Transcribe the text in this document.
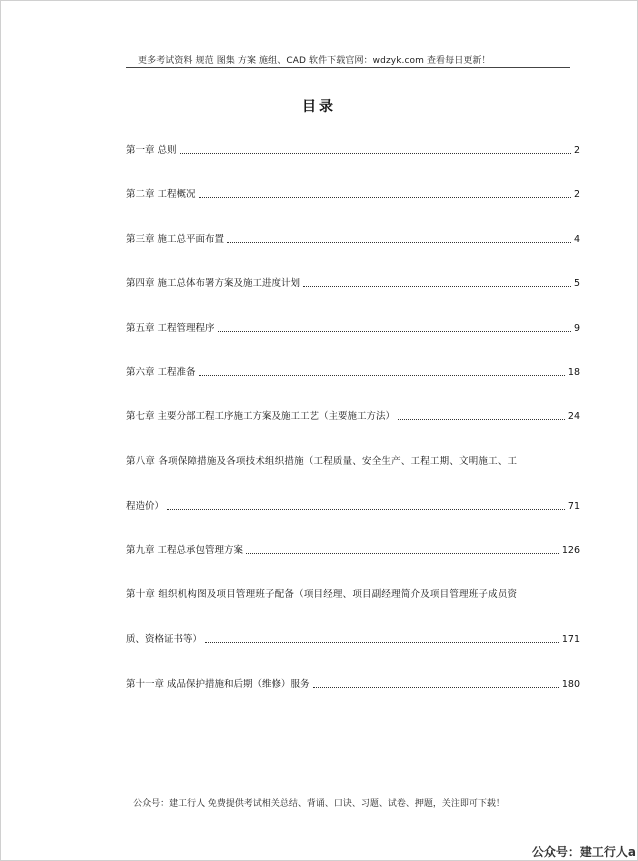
更多考试资料 规范 图集 方案 施组、CAD 软件下载官网：wdzyk.com 查看每日更新！
目录
第一章 总则	2
第二章 工程概况	2
第三章 施工总平面布置	4
第四章 施工总体布署方案及施工进度计划	5
第五章 工程管理程序	9
第六章 工程准备	18
第七章 主要分部工程工序施工方案及施工工艺（主要施工方法）	24
第八章 各项保障措施及各项技术组织措施（工程质量、安全生产、工程工期、文明施工、工
程造价）	71
第九章 工程总承包管理方案	126
第十章 组织机构图及项目管理班子配备（项目经理、项目副经理简介及项目管理班子成员资
质、资格证书等）	171
第十一章 成品保护措施和后期（维修）服务	180
公众号：建工行人 免费提供考试相关总结、背诵、口诀、习题、试卷、押题，关注即可下载！
公众号：建工行人a
